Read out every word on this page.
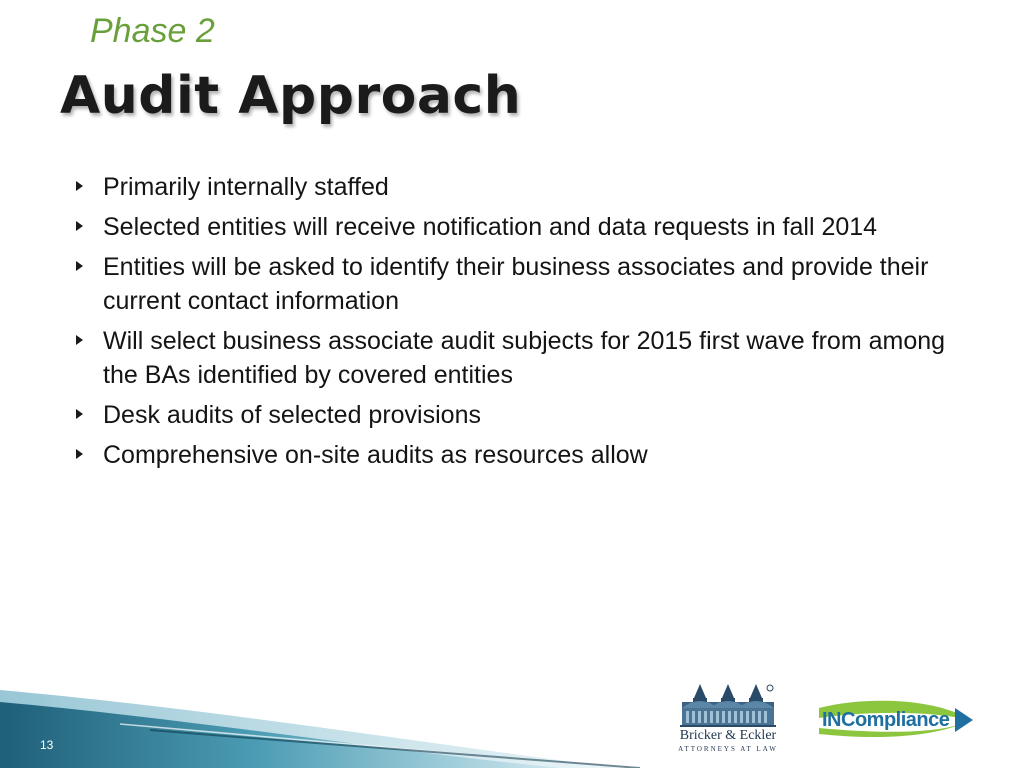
Phase 2
Audit Approach
Primarily internally staffed
Selected entities will receive notification and data requests in fall 2014
Entities will be asked to identify their business associates and provide their current contact information
Will select business associate audit subjects for 2015 first wave from among the BAs identified by covered entities
Desk audits of selected provisions
Comprehensive on-site audits as resources allow
13
Bricker & Eckler
ATTORNEYS AT LAW
INCompliance
